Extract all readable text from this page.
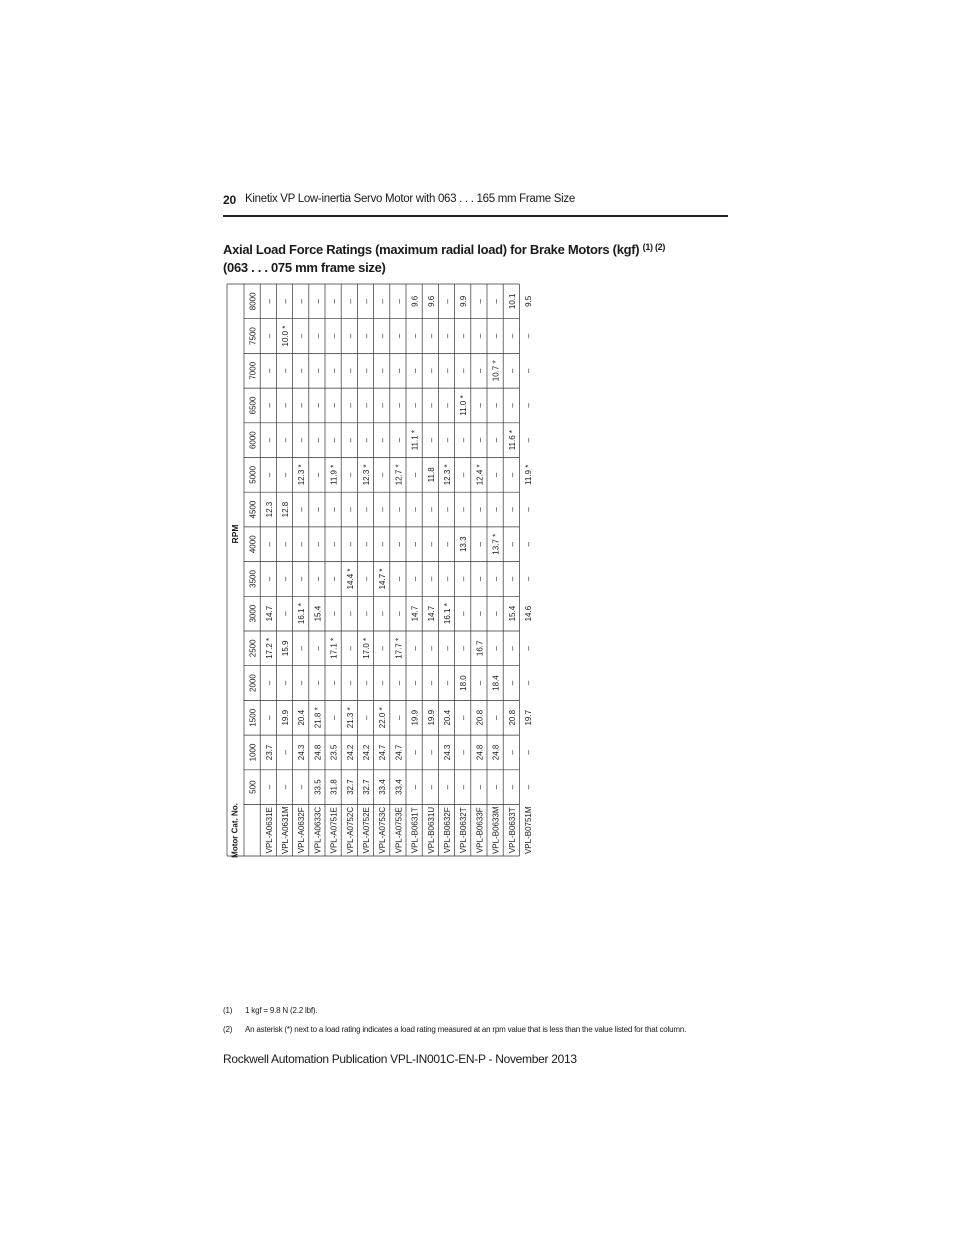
20 Kinetix VP Low-inertia Servo Motor with 063 . . . 165 mm Frame Size
Axial Load Force Ratings (maximum radial load) for Brake Motors (kgf) $^{(1) (2)}$
(063 . . . 075 mm frame size)
RPM
Motor Cat. No.
500
1000
1500
2000
2500
3000
3500
4000
4500
5000
6000
6500
7000
7500
8000
VPL-A0631E
–
23.7
–
–
17.2 *
14.7
–
–
12.3
–
–
–
–
–
–
VPL-A0631M
–
–
19.9
–
15.9
–
–
–
12.8
–
–
–
–
10.0 *
–
VPL-A0632F
–
24.3
20.4
–
–
16.1 *
–
–
–
12.3 *
–
–
–
–
–
VPL-A0633C
33.5
24.8
21.8 *
–
–
15.4
–
–
–
–
–
–
–
–
–
VPL-A0751E
31.8
23.5
–
–
17.1 *
–
–
–
–
11.9 *
–
–
–
–
–
VPL-A0752C
32.7
24.2
21.3 *
–
–
–
14.4 *
–
–
–
–
–
–
–
–
VPL-A0752E
32.7
24.2
–
–
17.0 *
–
–
–
–
12.3 *
–
–
–
–
–
VPL-A0753C
33.4
24.7
22.0 *
–
–
–
14.7 *
–
–
–
–
–
–
–
–
VPL-A0753E
33.4
24.7
–
–
17.7 *
–
–
–
–
12.7 *
–
–
–
–
–
VPL-B0631T
–
–
19.9
–
–
14.7
–
–
–
–
11.1 *
–
–
–
9.6
VPL-B0631U
–
–
19.9
–
–
14.7
–
–
–
11.8
–
–
–
–
9.6
VPL-B0632F
–
24.3
20.4
–
–
16.1 *
–
–
–
12.3 *
–
–
–
–
–
VPL-B0632T
–
–
–
18.0
–
–
–
13.3
–
–
–
11.0 *
–
–
9.9
VPL-B0633F
–
24.8
20.8
–
16.7
–
–
–
–
12.4 *
–
–
–
–
–
VPL-B0633M
–
24.8
–
18.4
–
–
–
13.7 *
–
–
–
–
10.7 *
–
–
VPL-B0633T
–
–
20.8
–
–
15.4
–
–
–
–
11.6 *
–
–
–
10.1
VPL-B0751M
–
–
19.7
–
–
14.6
–
–
–
11.9 *
–
–
–
–
9.5
(1) 1 kgf = 9.8 N (2.2 lbf).
(2) An asterisk (*) next to a load rating indicates a load rating measured at an rpm value that is less than the value listed for that column.
Rockwell Automation Publication VPL-IN001C-EN-P - November 2013
